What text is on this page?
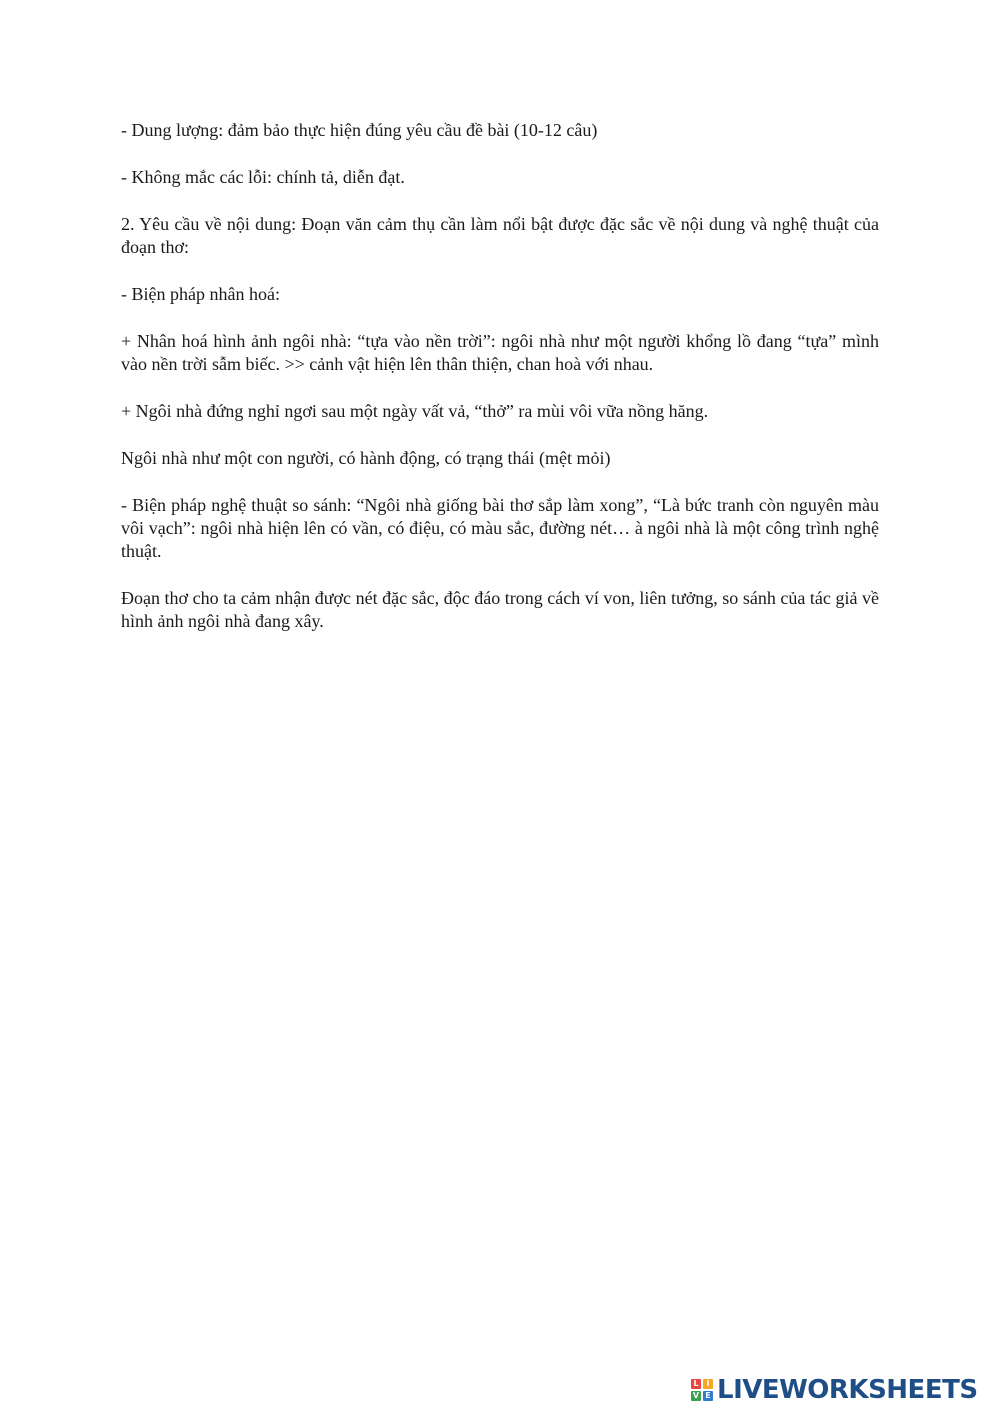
- Dung lượng: đảm bảo thực hiện đúng yêu cầu đề bài (10-12 câu)

- Không mắc các lỗi: chính tả, diễn đạt.

2. Yêu cầu về nội dung: Đoạn văn cảm thụ cần làm nổi bật được đặc sắc về nội dung và nghệ thuật của đoạn thơ:

- Biện pháp nhân hoá:

+ Nhân hoá hình ảnh ngôi nhà: “tựa vào nền trời”: ngôi nhà như một người khổng lồ đang “tựa” mình vào nền trời sẫm biếc. >> cảnh vật hiện lên thân thiện, chan hoà với nhau.

+ Ngôi nhà đứng nghỉ ngơi sau một ngày vất vả, “thở” ra mùi vôi vữa nồng hăng.

Ngôi nhà như một con người, có hành động, có trạng thái (mệt mỏi)

- Biện pháp nghệ thuật so sánh: “Ngôi nhà giống bài thơ sắp làm xong”, “Là bức tranh còn nguyên màu vôi vạch”: ngôi nhà hiện lên có vần, có điệu, có màu sắc, đường nét… à ngôi nhà là một công trình nghệ thuật.

Đoạn thơ cho ta cảm nhận được nét đặc sắc, độc đáo trong cách ví von, liên tưởng, so sánh của tác giả về hình ảnh ngôi nhà đang xây.

L I
V E LIVEWORKSHEETS
